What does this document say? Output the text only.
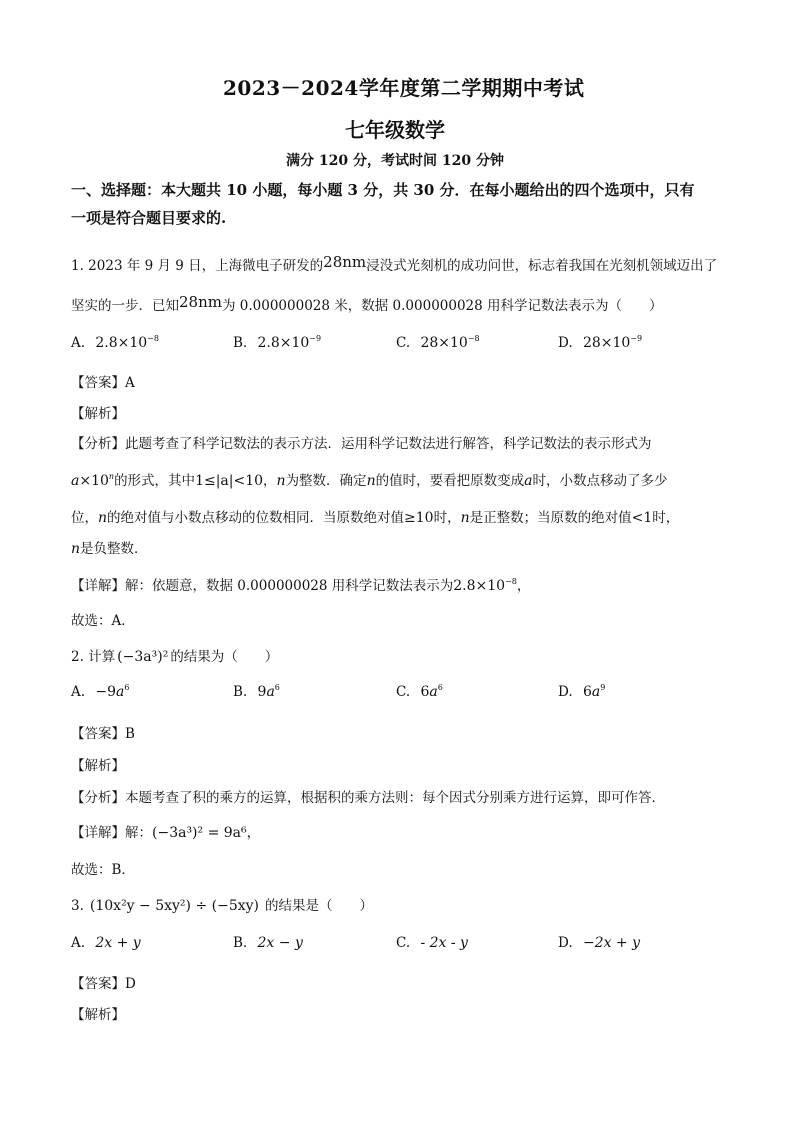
2023－2024学年度第二学期期中考试
七年级数学
满分 120 分，考试时间 120 分钟
一、选择题：本大题共 10 小题，每小题 3 分，共 30 分．在每小题给出的四个选项中，只有
一项是符合题目要求的.
1. 2023 年 9 月 9 日，上海微电子研发的28nm浸没式光刻机的成功问世，标志着我国在光刻机领域迈出了
坚实的一步．已知28nm为 0.000000028 米，数据 0.000000028 用科学记数法表示为（　　）
A. $2.8\times 10^{-8}$	B. $2.8\times 10^{-9}$	C. $28\times 10^{-8}$	D. $28\times 10^{-9}$
【答案】A
【解析】
【分析】此题考查了科学记数法的表示方法．运用科学记数法进行解答，科学记数法的表示形式为
$a\times 10^n$的形式，其中1≤|a|<10，n为整数．确定n的值时，要看把原数变成a时，小数点移动了多少
位，n的绝对值与小数点移动的位数相同．当原数绝对值≥10时，n是正整数；当原数的绝对值<1时，
n是负整数．
【详解】解：依题意，数据 0.000000028 用科学记数法表示为$2.8\times 10^{-8}$，
故选：A．
2. 计算 (−3a³)² 的结果为（　　）
A. $-9a^6$	B. $9a^6$	C. $6a^6$	D. $6a^9$
【答案】B
【解析】
【分析】本题考查了积的乘方的运算，根据积的乘方法则：每个因式分别乘方进行运算，即可作答．
【详解】解：(−3a³)² = 9a⁶，
故选：B．
3. (10x²y − 5xy²) ÷ (−5xy) 的结果是（　　）
A. 2x + y	B. 2x − y	C. - 2x - y	D. −2x + y
【答案】D
【解析】
